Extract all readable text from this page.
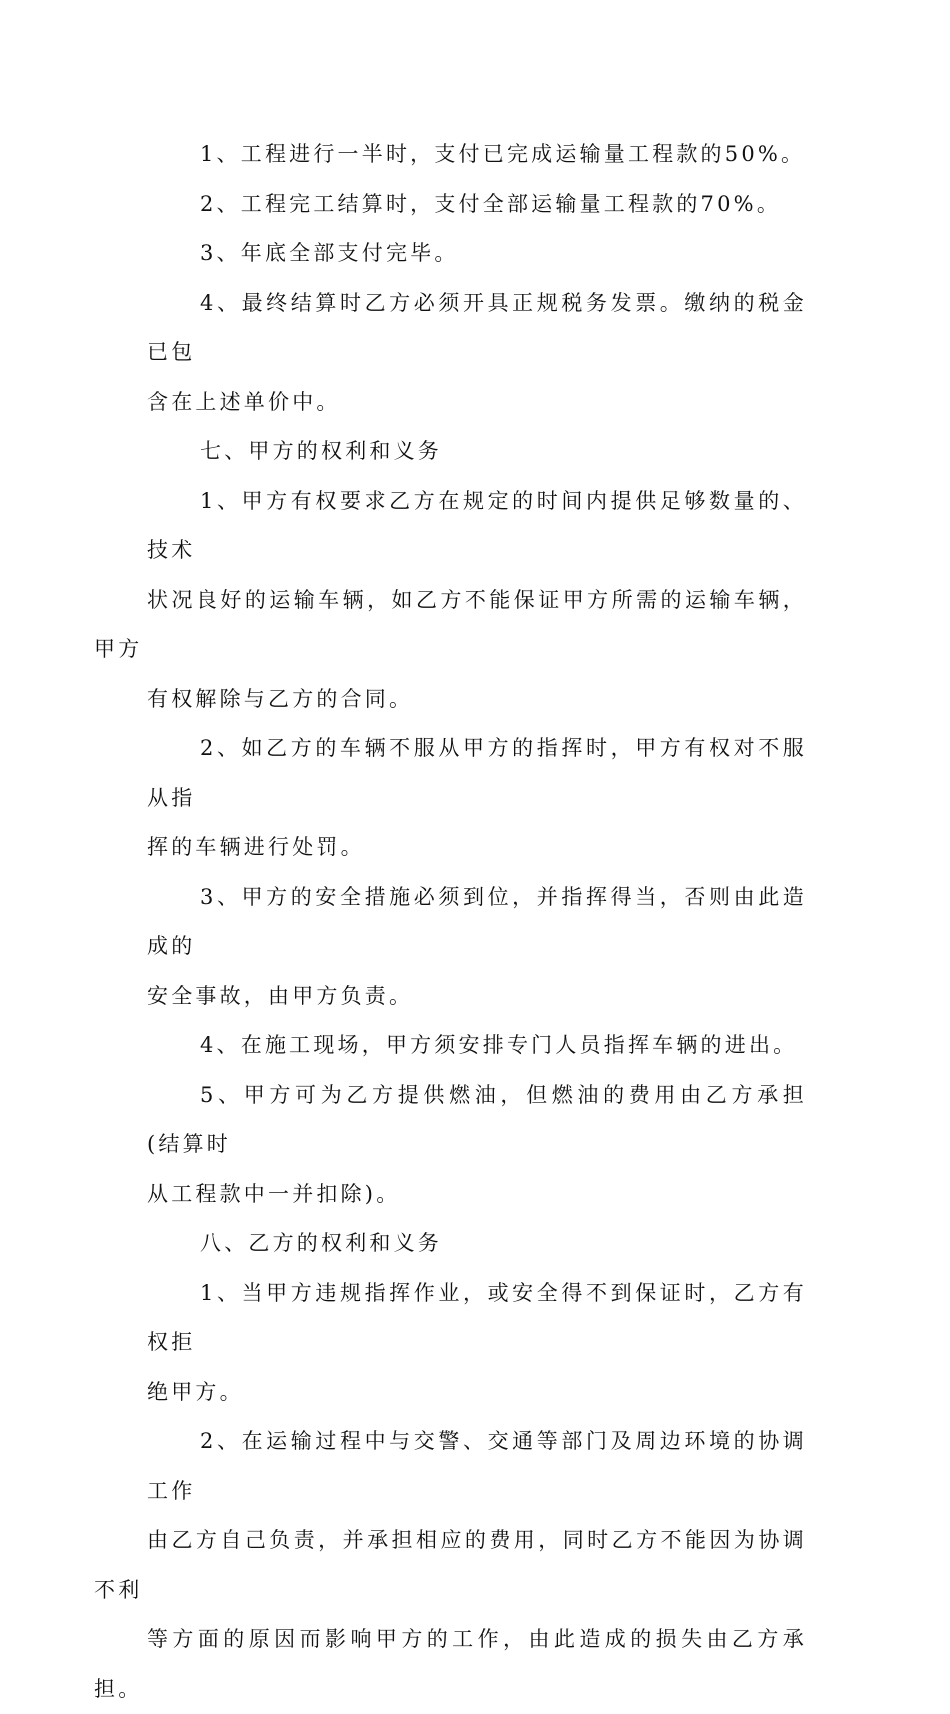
1、工程进行一半时，支付已完成运输量工程款的50%。

2、工程完工结算时，支付全部运输量工程款的70%。

3、年底全部支付完毕。

4、最终结算时乙方必须开具正规税务发票。缴纳的税金已包
含在上述单价中。

七、甲方的权利和义务

1、甲方有权要求乙方在规定的时间内提供足够数量的、技术
状况良好的运输车辆，如乙方不能保证甲方所需的运输车辆，甲方
有权解除与乙方的合同。

2、如乙方的车辆不服从甲方的指挥时，甲方有权对不服从指
挥的车辆进行处罚。

3、甲方的安全措施必须到位，并指挥得当，否则由此造成的
安全事故，由甲方负责。

4、在施工现场，甲方须安排专门人员指挥车辆的进出。

5、甲方可为乙方提供燃油，但燃油的费用由乙方承担(结算时
从工程款中一并扣除)。

八、乙方的权利和义务

1、当甲方违规指挥作业，或安全得不到保证时，乙方有权拒
绝甲方。

2、在运输过程中与交警、交通等部门及周边环境的协调工作
由乙方自己负责，并承担相应的费用，同时乙方不能因为协调不利
等方面的原因而影响甲方的工作，由此造成的损失由乙方承担。
